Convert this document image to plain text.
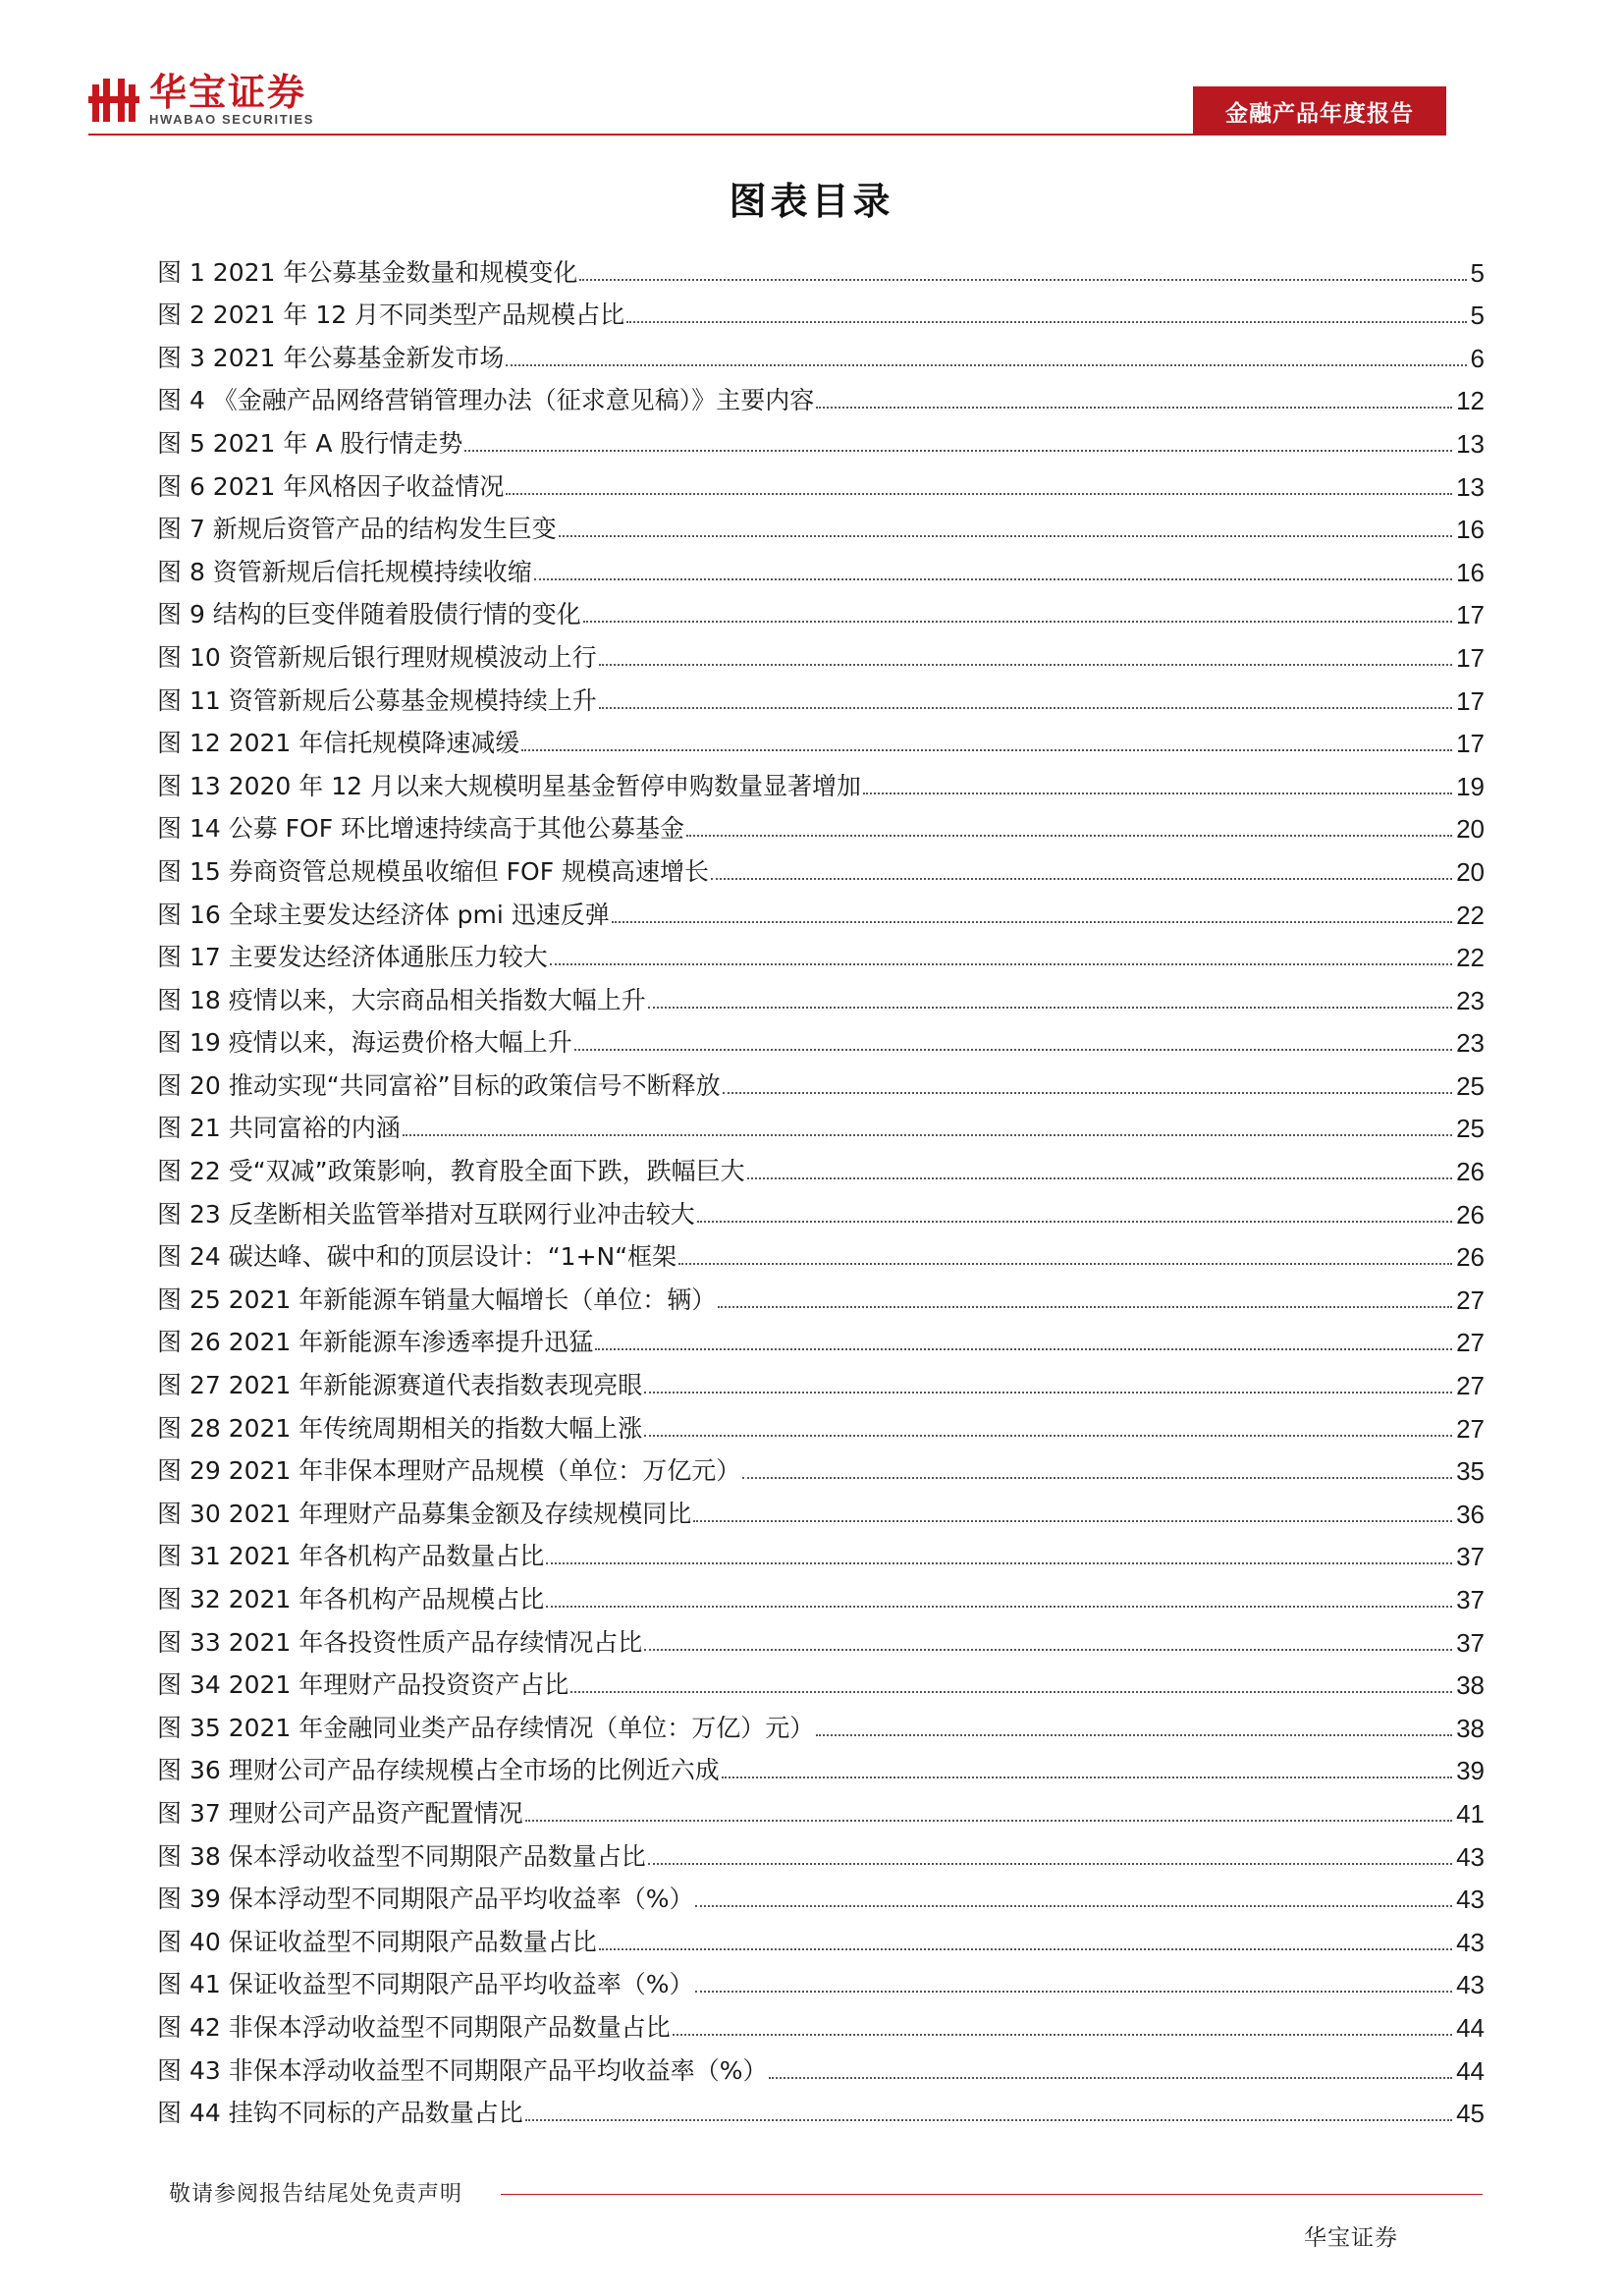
华宝证券
HWABAO SECURITIES	金融产品年度报告
图表目录
图 1 2021 年公募基金数量和规模变化	5
图 2 2021 年 12 月不同类型产品规模占比	5
图 3 2021 年公募基金新发市场	6
图 4 《金融产品网络营销管理办法（征求意见稿）》主要内容	12
图 5 2021 年 A 股行情走势	13
图 6 2021 年风格因子收益情况	13
图 7 新规后资管产品的结构发生巨变	16
图 8 资管新规后信托规模持续收缩	16
图 9 结构的巨变伴随着股债行情的变化	17
图 10 资管新规后银行理财规模波动上行	17
图 11 资管新规后公募基金规模持续上升	17
图 12 2021 年信托规模降速减缓	17
图 13 2020 年 12 月以来大规模明星基金暂停申购数量显著增加	19
图 14 公募 FOF 环比增速持续高于其他公募基金	20
图 15 券商资管总规模虽收缩但 FOF 规模高速增长	20
图 16 全球主要发达经济体 pmi 迅速反弹	22
图 17 主要发达经济体通胀压力较大	22
图 18 疫情以来，大宗商品相关指数大幅上升	23
图 19 疫情以来，海运费价格大幅上升	23
图 20 推动实现“共同富裕”目标的政策信号不断释放	25
图 21 共同富裕的内涵	25
图 22 受“双减”政策影响，教育股全面下跌，跌幅巨大	26
图 23 反垄断相关监管举措对互联网行业冲击较大	26
图 24 碳达峰、碳中和的顶层设计：“1+N“框架	26
图 25 2021 年新能源车销量大幅增长（单位：辆）	27
图 26 2021 年新能源车渗透率提升迅猛	27
图 27 2021 年新能源赛道代表指数表现亮眼	27
图 28 2021 年传统周期相关的指数大幅上涨	27
图 29 2021 年非保本理财产品规模（单位：万亿元）	35
图 30 2021 年理财产品募集金额及存续规模同比	36
图 31 2021 年各机构产品数量占比	37
图 32 2021 年各机构产品规模占比	37
图 33 2021 年各投资性质产品存续情况占比	37
图 34 2021 年理财产品投资资产占比	38
图 35 2021 年金融同业类产品存续情况（单位：万亿）元）	38
图 36 理财公司产品存续规模占全市场的比例近六成	39
图 37 理财公司产品资产配置情况	41
图 38 保本浮动收益型不同期限产品数量占比	43
图 39 保本浮动型不同期限产品平均收益率（%）	43
图 40 保证收益型不同期限产品数量占比	43
图 41 保证收益型不同期限产品平均收益率（%）	43
图 42 非保本浮动收益型不同期限产品数量占比	44
图 43 非保本浮动收益型不同期限产品平均收益率（%）	44
图 44 挂钩不同标的产品数量占比	45
敬请参阅报告结尾处免责声明
华宝证券
